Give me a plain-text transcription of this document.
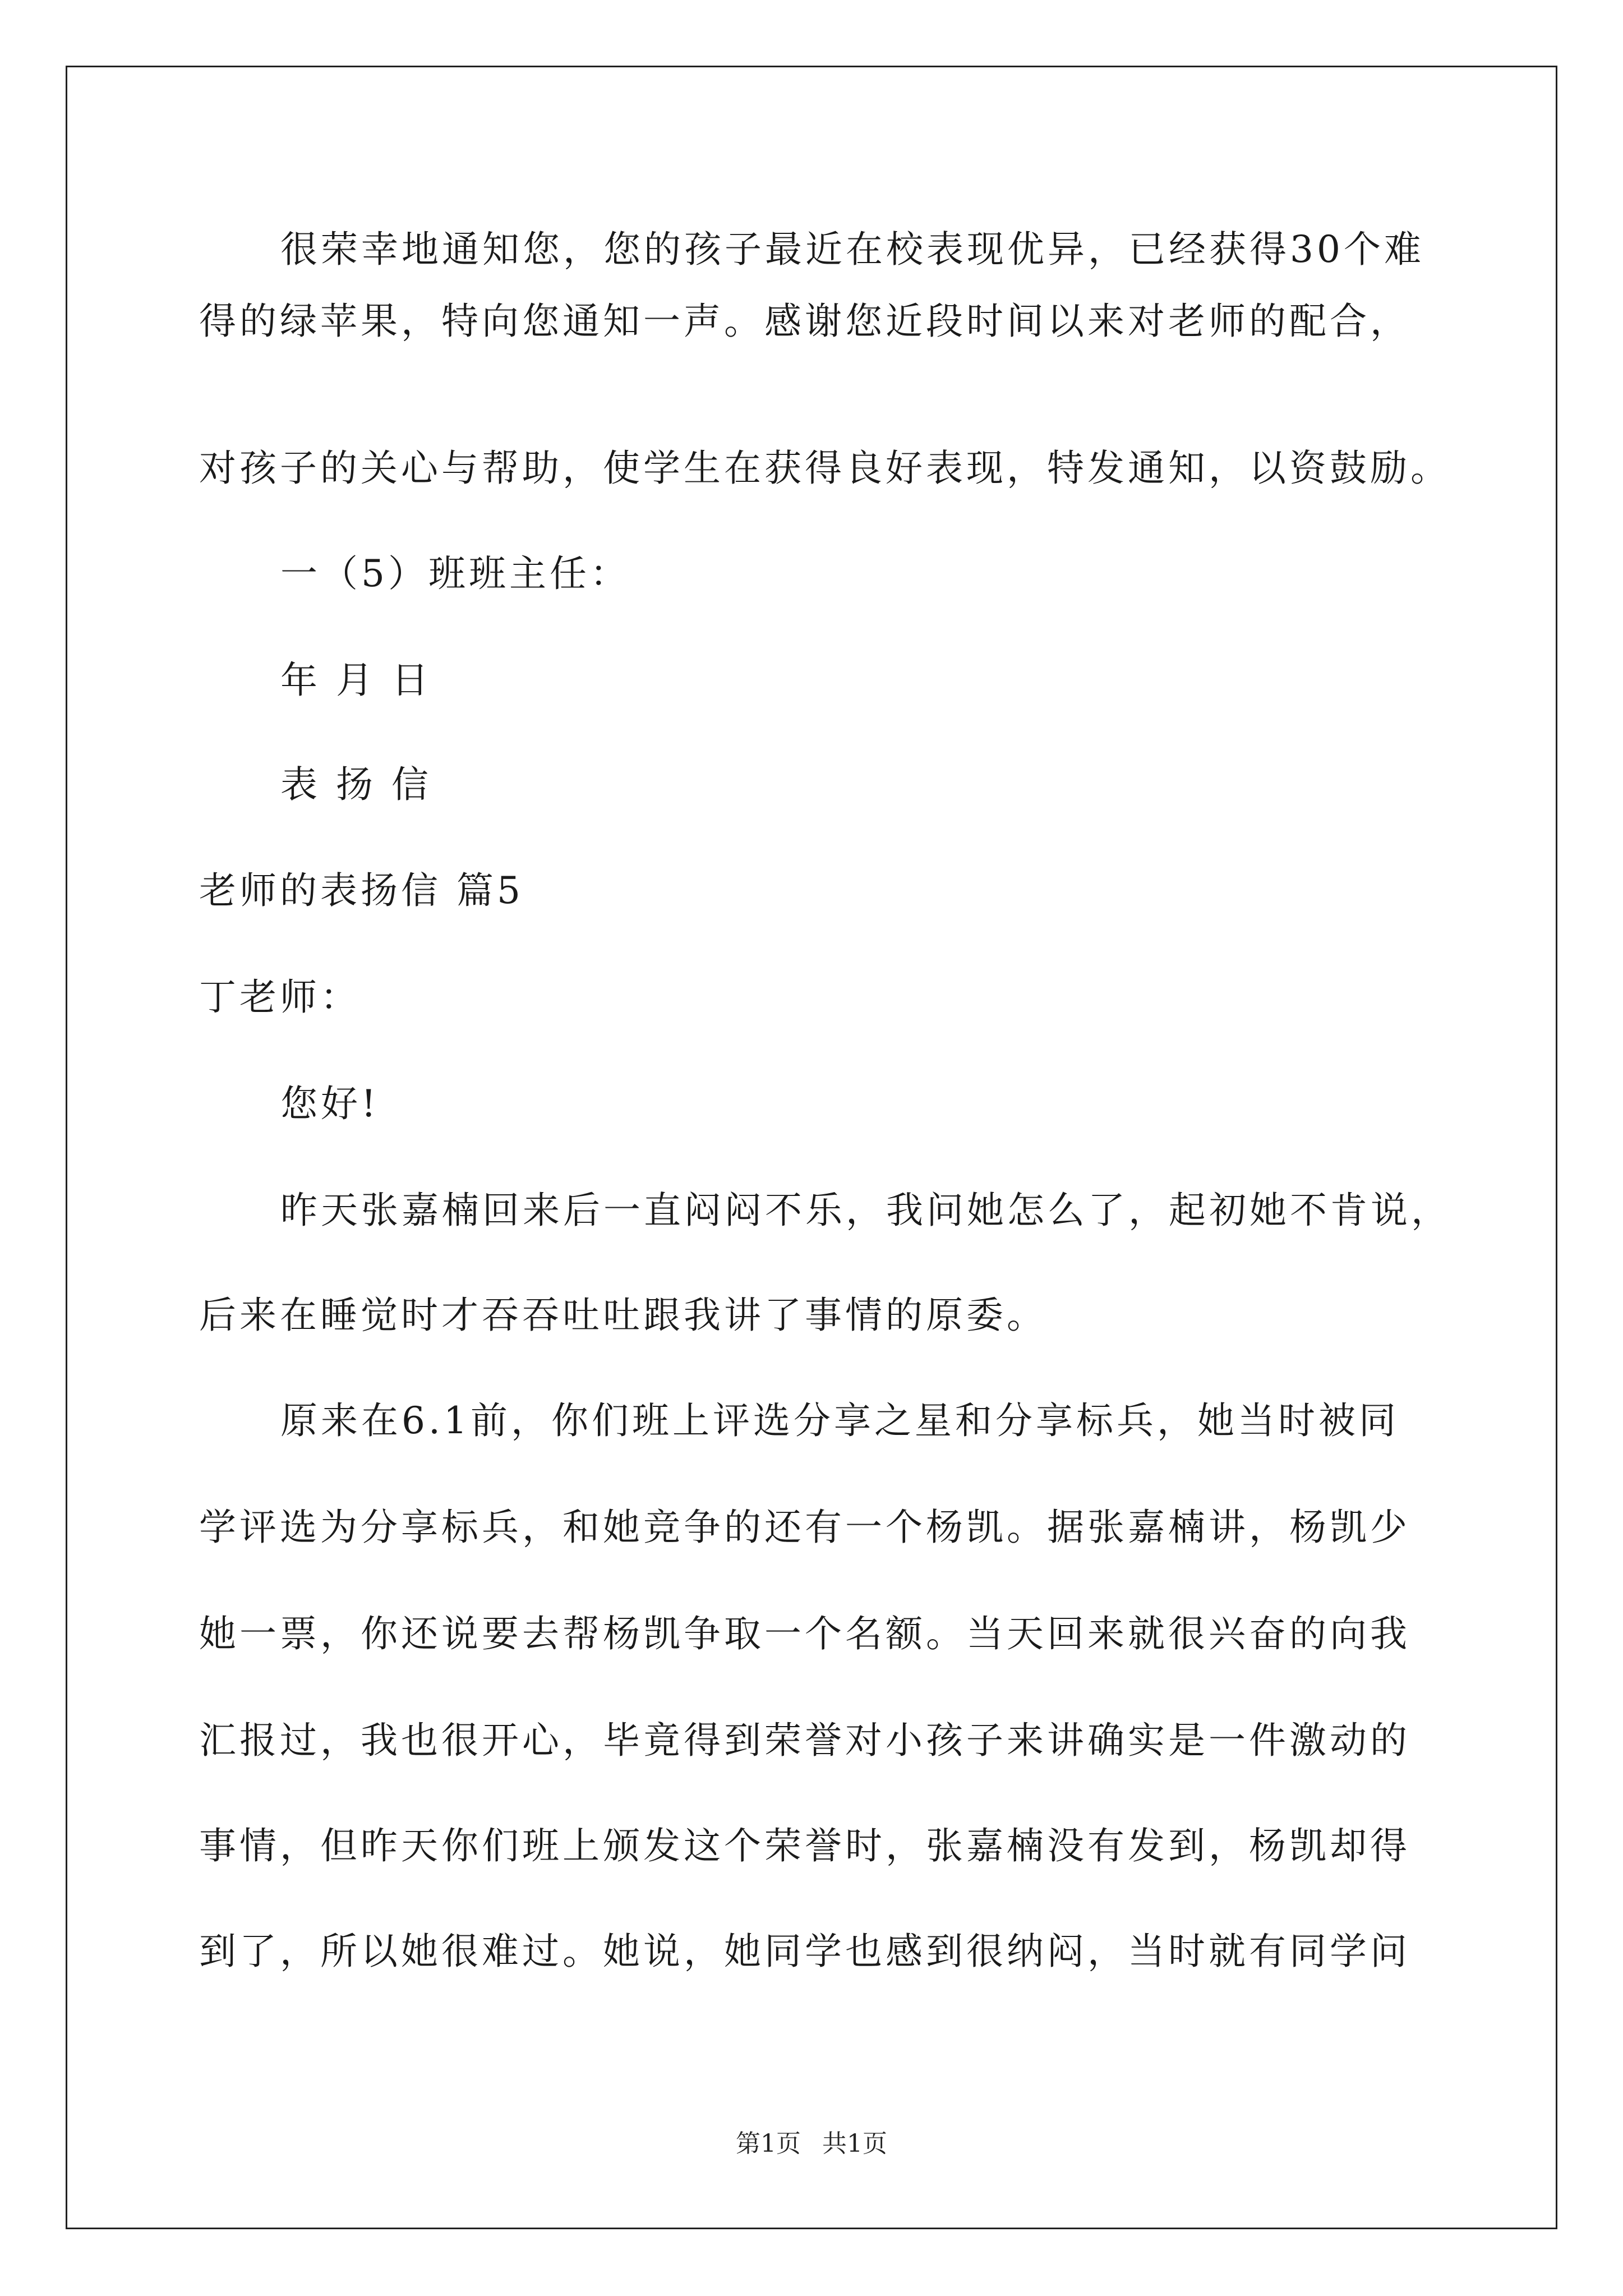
很荣幸地通知您，您的孩子最近在校表现优异，已经获得30个难
得的绿苹果，特向您通知一声。感谢您近段时间以来对老师的配合，
对孩子的关心与帮助，使学生在获得良好表现，特发通知，以资鼓励。
一（5）班班主任：
年 月 日
表 扬 信
老师的表扬信 篇5
丁老师：
您好!
昨天张嘉楠回来后一直闷闷不乐，我问她怎么了，起初她不肯说，
后来在睡觉时才吞吞吐吐跟我讲了事情的原委。
原来在6.1前，你们班上评选分享之星和分享标兵，她当时被同
学评选为分享标兵，和她竞争的还有一个杨凯。据张嘉楠讲，杨凯少
她一票，你还说要去帮杨凯争取一个名额。当天回来就很兴奋的向我
汇报过，我也很开心，毕竟得到荣誉对小孩子来讲确实是一件激动的
事情，但昨天你们班上颁发这个荣誉时，张嘉楠没有发到，杨凯却得
到了，所以她很难过。她说，她同学也感到很纳闷，当时就有同学问
第1页 共1页
